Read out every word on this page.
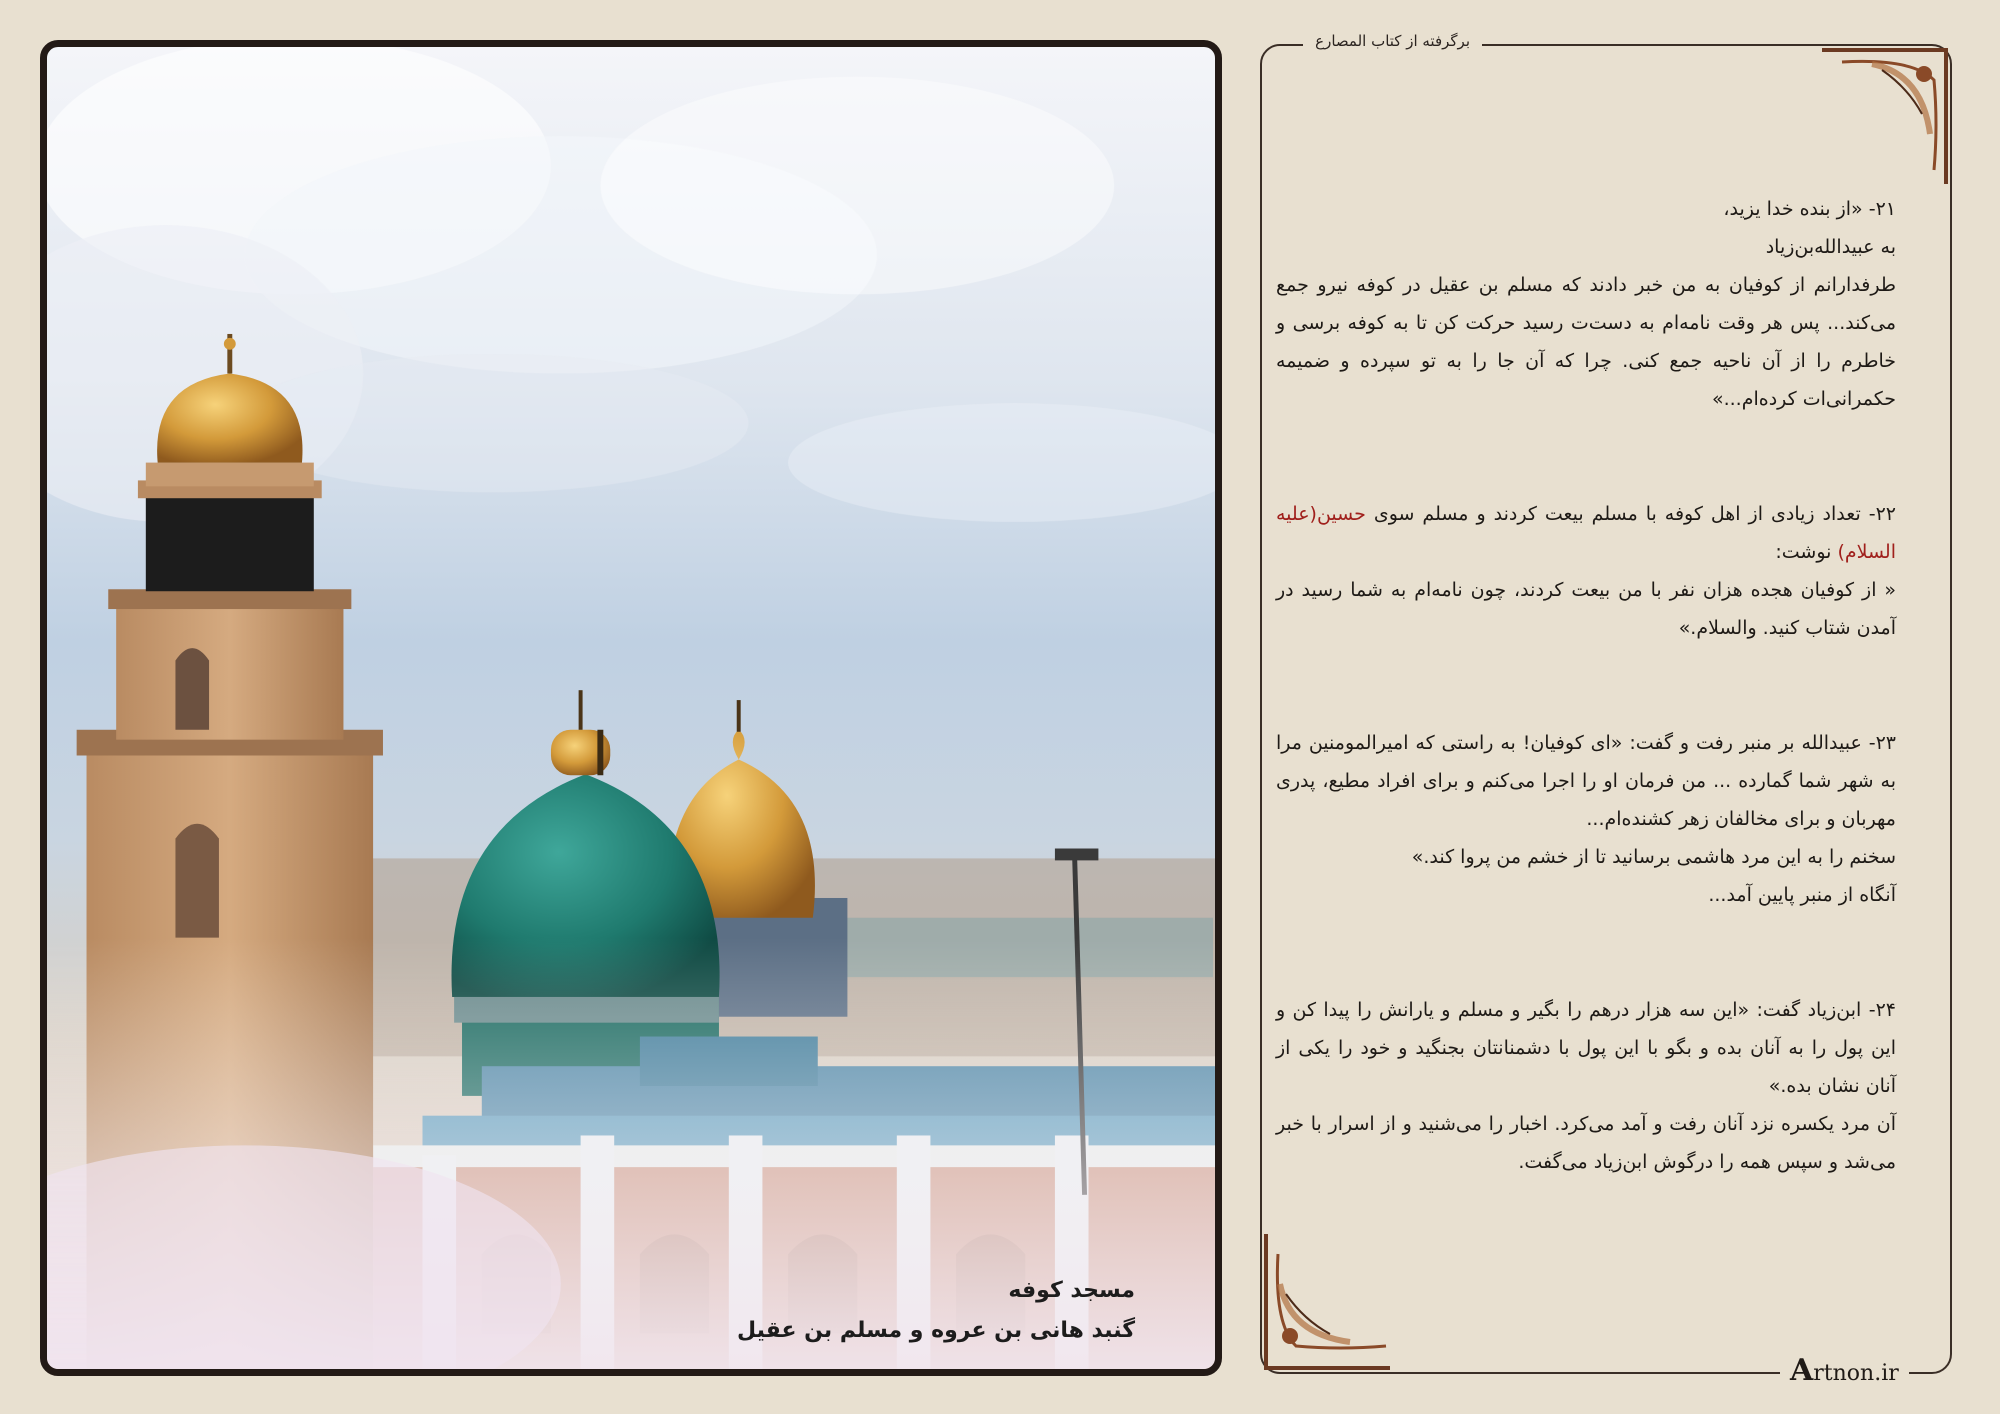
مسجد کوفه
گنبد هانی بن عروه و مسلم بن عقیل
برگرفته از کتاب المصارع
Artnon.ir

۲۱- «از بنده خدا یزید،

به عبیدالله‌بن‌زیاد

طرفدارانم از کوفیان به من خبر دادند که مسلم بن عقیل در کوفه نیرو جمع می‌کند... پس هر وقت نامه‌ام به دست‌ت رسید حرکت کن تا به کوفه برسی و خاطرم را از آن ناحیه جمع کنی. چرا که آن جا را به تو سپرده و ضمیمه حکمرانی‌ات کرده‌ام...»

۲۲- تعداد زیادی از اهل کوفه با مسلم بیعت کردند و مسلم سوی حسین(علیه السلام) نوشت:

« از کوفیان هجده هزان نفر با من بیعت کردند، چون نامه‌ام به شما رسید در آمدن شتاب کنید. والسلام.»

۲۳- عبیدالله بر منبر رفت و گفت: «ای کوفیان! به راستی که امیرالمومنین مرا به شهر شما گمارده ... من فرمان او را اجرا می‌کنم و برای افراد مطیع، پدری مهربان و برای مخالفان زهر کشنده‌ام...

سخنم را به این مرد هاشمی برسانید تا از خشم من پروا کند.»

آنگاه از منبر پایین آمد...

۲۴- ابن‌زیاد گفت: «این سه هزار درهم را بگیر و مسلم و یارانش را پیدا کن و این پول را به آنان بده و بگو با این پول با دشمنانتان بجنگید و خود را یکی از آنان نشان بده.»

آن مرد یکسره نزد آنان رفت و آمد می‌کرد. اخبار را می‌شنید و از اسرار با خبر می‌شد و سپس همه را درگوش ابن‌زیاد می‌گفت.
